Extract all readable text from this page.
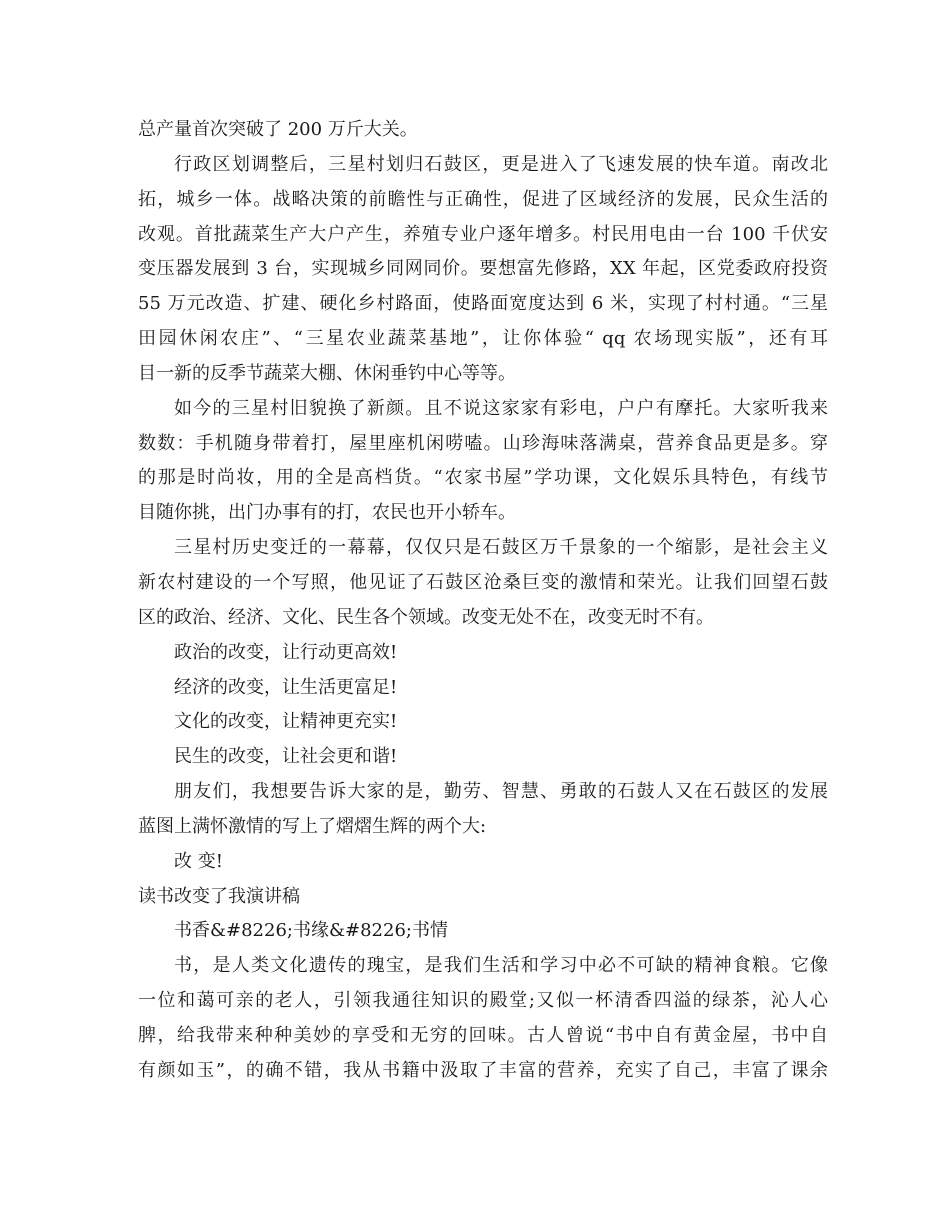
总产量首次突破了 200 万斤大关。
行政区划调整后，三星村划归石鼓区，更是进入了飞速发展的快车道。南改北
拓，城乡一体。战略决策的前瞻性与正确性，促进了区域经济的发展，民众生活的
改观。首批蔬菜生产大户产生，养殖专业户逐年增多。村民用电由一台 100 千伏安
变压器发展到 3 台，实现城乡同网同价。要想富先修路，XX 年起，区党委政府投资
55 万元改造、扩建、硬化乡村路面，使路面宽度达到 6 米，实现了村村通。“三星
田园休闲农庄”、“三星农业蔬菜基地”，让你体验“ qq 农场现实版”，还有耳
目一新的反季节蔬菜大棚、休闲垂钓中心等等。
如今的三星村旧貌换了新颜。且不说这家家有彩电，户户有摩托。大家听我来
数数：手机随身带着打，屋里座机闲唠嗑。山珍海味落满桌，营养食品更是多。穿
的那是时尚妆，用的全是高档货。“农家书屋”学功课，文化娱乐具特色，有线节
目随你挑，出门办事有的打，农民也开小轿车。
三星村历史变迁的一幕幕，仅仅只是石鼓区万千景象的一个缩影，是社会主义
新农村建设的一个写照，他见证了石鼓区沧桑巨变的激情和荣光。让我们回望石鼓
区的政治、经济、文化、民生各个领域。改变无处不在，改变无时不有。
政治的改变，让行动更高效!
经济的改变，让生活更富足!
文化的改变，让精神更充实!
民生的改变，让社会更和谐!
朋友们，我想要告诉大家的是，勤劳、智慧、勇敢的石鼓人又在石鼓区的发展
蓝图上满怀激情的写上了熠熠生辉的两个大:
改 变!
读书改变了我演讲稿
书香&#8226;书缘&#8226;书情
书，是人类文化遗传的瑰宝，是我们生活和学习中必不可缺的精神食粮。它像
一位和蔼可亲的老人，引领我通往知识的殿堂;又似一杯清香四溢的绿茶，沁人心
脾，给我带来种种美妙的享受和无穷的回味。古人曾说“书中自有黄金屋，书中自
有颜如玉”，的确不错，我从书籍中汲取了丰富的营养，充实了自己，丰富了课余
